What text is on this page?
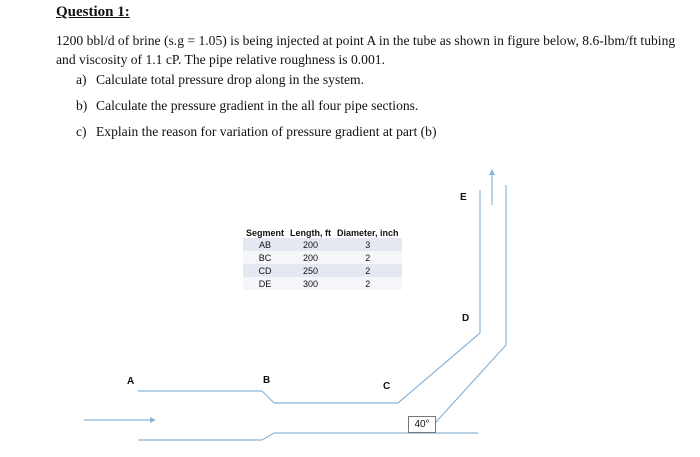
Question 1:
1200 bbl/d of brine (s.g = 1.05) is being injected at point A in the tube as shown in figure below, 8.6-lbm/ft tubing and viscosity of 1.1 cP. The pipe relative roughness is 0.001.
a) Calculate total pressure drop along in the system.
b) Calculate the pressure gradient in the all four pipe sections.
c) Explain the reason for variation of pressure gradient at part (b)
Segment	Length, ft	Diameter, inch
AB	200	3
BC	200	2
CD	250	2
DE	300	2
A	B
C
D
E
40°
